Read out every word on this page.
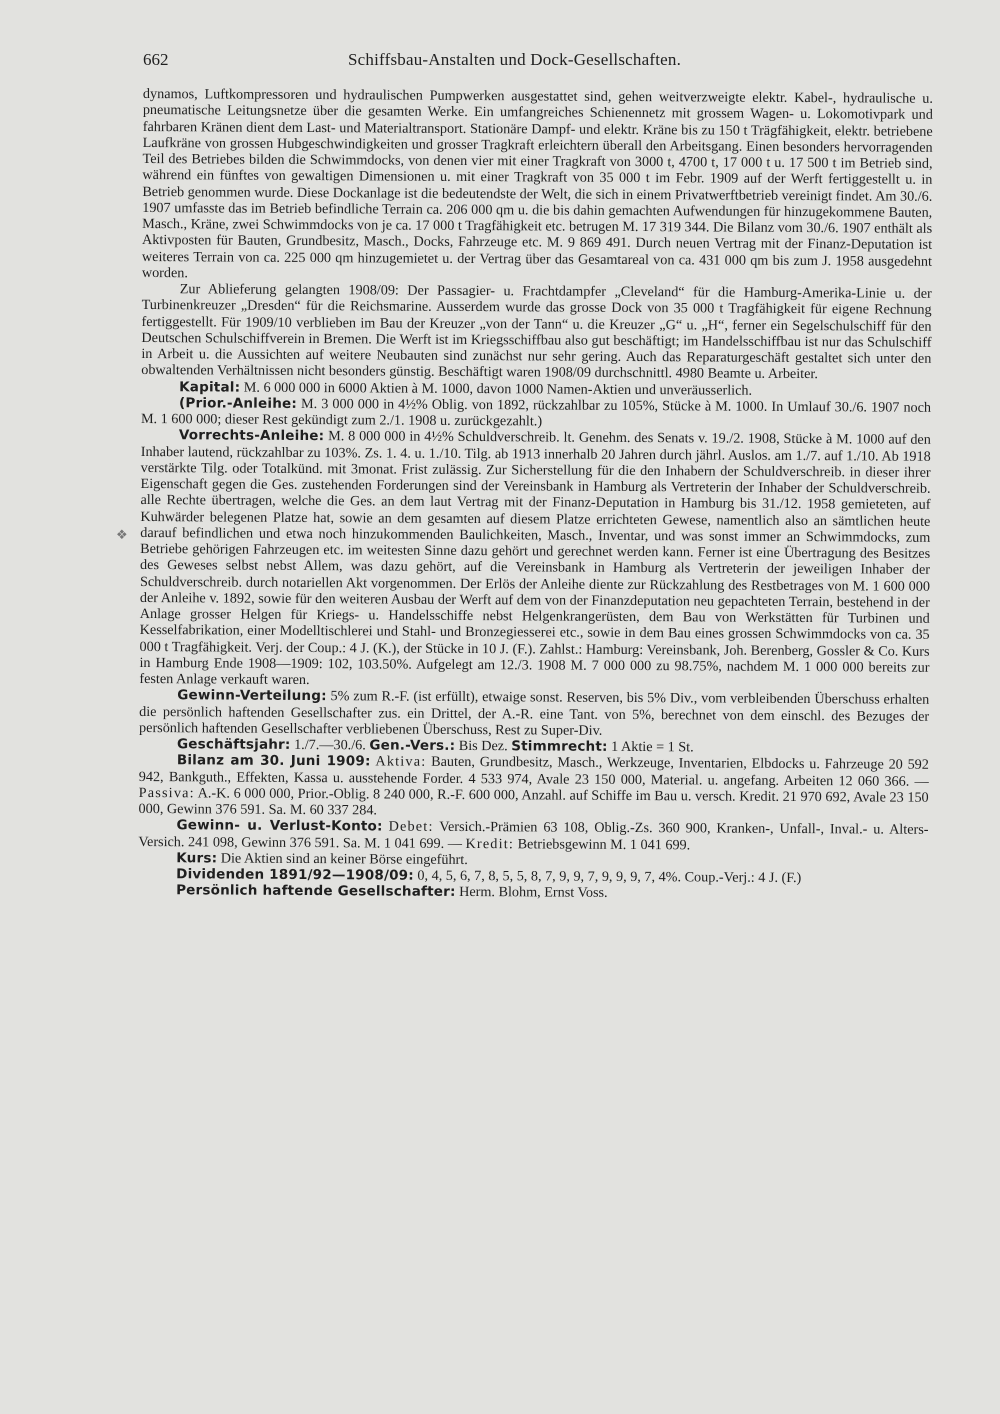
662	Schiffsbau-Anstalten und Dock-Gesellschaften.
❖

dynamos, Luftkompressoren und hydraulischen Pumpwerken ausgestattet sind, gehen weitverzweigte elektr. Kabel-, hydraulische u. pneumatische Leitungsnetze über die gesamten Werke. Ein umfangreiches Schienennetz mit grossem Wagen- u. Lokomotivpark und fahrbaren Kränen dient dem Last- und Materialtransport. Stationäre Dampf- und elektr. Kräne bis zu 150 t Trägfähigkeit, elektr. betriebene Laufkräne von grossen Hubgeschwindigkeiten und grosser Tragkraft erleichtern überall den Arbeitsgang. Einen besonders hervorragenden Teil des Betriebes bilden die Schwimmdocks, von denen vier mit einer Tragkraft von 3000 t, 4700 t, 17 000 t u. 17 500 t im Betrieb sind, während ein fünftes von gewaltigen Dimensionen u. mit einer Tragkraft von 35 000 t im Febr. 1909 auf der Werft fertiggestellt u. in Betrieb genommen wurde. Diese Dockanlage ist die bedeutendste der Welt, die sich in einem Privatwerftbetrieb vereinigt findet. Am 30./6. 1907 umfasste das im Betrieb befindliche Terrain ca. 206 000 qm u. die bis dahin gemachten Aufwendungen für hinzugekommene Bauten, Masch., Kräne, zwei Schwimmdocks von je ca. 17 000 t Tragfähigkeit etc. betrugen M. 17 319 344. Die Bilanz vom 30./6. 1907 enthält als Aktivposten für Bauten, Grundbesitz, Masch., Docks, Fahrzeuge etc. M. 9 869 491. Durch neuen Vertrag mit der Finanz-Deputation ist weiteres Terrain von ca. 225 000 qm hinzugemietet u. der Vertrag über das Gesamtareal von ca. 431 000 qm bis zum J. 1958 ausgedehnt worden.

Zur Ablieferung gelangten 1908/09: Der Passagier- u. Frachtdampfer „Cleveland“ für die Hamburg-Amerika-Linie u. der Turbinenkreuzer „Dresden“ für die Reichsmarine. Ausserdem wurde das grosse Dock von 35 000 t Tragfähigkeit für eigene Rechnung fertiggestellt. Für 1909/10 verblieben im Bau der Kreuzer „von der Tann“ u. die Kreuzer „G“ u. „H“, ferner ein Segelschulschiff für den Deutschen Schulschiffverein in Bremen. Die Werft ist im Kriegsschiffbau also gut beschäftigt; im Handelsschiffbau ist nur das Schulschiff in Arbeit u. die Aussichten auf weitere Neubauten sind zunächst nur sehr gering. Auch das Reparaturgeschäft gestaltet sich unter den obwaltenden Verhältnissen nicht besonders günstig. Beschäftigt waren 1908/09 durchschnittl. 4980 Beamte u. Arbeiter.

Kapital: M. 6 000 000 in 6000 Aktien à M. 1000, davon 1000 Namen-Aktien und unveräusserlich.

(Prior.-Anleihe: M. 3 000 000 in 4½% Oblig. von 1892, rückzahlbar zu 105%, Stücke à M. 1000. In Umlauf 30./6. 1907 noch M. 1 600 000; dieser Rest gekündigt zum 2./1. 1908 u. zurückgezahlt.)

Vorrechts-Anleihe: M. 8 000 000 in 4½% Schuldverschreib. lt. Genehm. des Senats v. 19./2. 1908, Stücke à M. 1000 auf den Inhaber lautend, rückzahlbar zu 103%. Zs. 1. 4. u. 1./10. Tilg. ab 1913 innerhalb 20 Jahren durch jährl. Auslos. am 1./7. auf 1./10. Ab 1918 verstärkte Tilg. oder Totalkünd. mit 3monat. Frist zulässig. Zur Sicherstellung für die den Inhabern der Schuldverschreib. in dieser ihrer Eigenschaft gegen die Ges. zustehenden Forderungen sind der Vereinsbank in Hamburg als Vertreterin der Inhaber der Schuldverschreib. alle Rechte übertragen, welche die Ges. an dem laut Vertrag mit der Finanz-Deputation in Hamburg bis 31./12. 1958 gemieteten, auf Kuhwärder belegenen Platze hat, sowie an dem gesamten auf diesem Platze errichteten Gewese, namentlich also an sämtlichen heute darauf befindlichen und etwa noch hinzukommenden Baulichkeiten, Masch., Inventar, und was sonst immer an Schwimmdocks, zum Betriebe gehörigen Fahrzeugen etc. im weitesten Sinne dazu gehört und gerechnet werden kann. Ferner ist eine Übertragung des Besitzes des Geweses selbst nebst Allem, was dazu gehört, auf die Vereinsbank in Hamburg als Vertreterin der jeweiligen Inhaber der Schuldverschreib. durch notariellen Akt vorgenommen. Der Erlös der Anleihe diente zur Rückzahlung des Restbetrages von M. 1 600 000 der Anleihe v. 1892, sowie für den weiteren Ausbau der Werft auf dem von der Finanzdeputation neu gepachteten Terrain, bestehend in der Anlage grosser Helgen für Kriegs- u. Handelsschiffe nebst Helgenkrangerüsten, dem Bau von Werkstätten für Turbinen und Kesselfabrikation, einer Modelltischlerei und Stahl- und Bronzegiesserei etc., sowie in dem Bau eines grossen Schwimmdocks von ca. 35 000 t Tragfähigkeit. Verj. der Coup.: 4 J. (K.), der Stücke in 10 J. (F.). Zahlst.: Hamburg: Vereinsbank, Joh. Berenberg, Gossler & Co. Kurs in Hamburg Ende 1908—1909: 102, 103.50%. Aufgelegt am 12./3. 1908 M. 7 000 000 zu 98.75%, nachdem M. 1 000 000 bereits zur festen Anlage verkauft waren.

Gewinn-Verteilung: 5% zum R.-F. (ist erfüllt), etwaige sonst. Reserven, bis 5% Div., vom verbleibenden Überschuss erhalten die persönlich haftenden Gesellschafter zus. ein Drittel, der A.-R. eine Tant. von 5%, berechnet von dem einschl. des Bezuges der persönlich haftenden Gesellschafter verbliebenen Überschuss, Rest zu Super-Div.

Geschäftsjahr: 1./7.—30./6. Gen.-Vers.: Bis Dez. Stimmrecht: 1 Aktie = 1 St.

Bilanz am 30. Juni 1909: Aktiva: Bauten, Grundbesitz, Masch., Werkzeuge, Inventarien, Elbdocks u. Fahrzeuge 20 592 942, Bankguth., Effekten, Kassa u. ausstehende Forder. 4 533 974, Avale 23 150 000, Material. u. angefang. Arbeiten 12 060 366. — Passiva: A.-K. 6 000 000, Prior.-Oblig. 8 240 000, R.-F. 600 000, Anzahl. auf Schiffe im Bau u. versch. Kredit. 21 970 692, Avale 23 150 000, Gewinn 376 591. Sa. M. 60 337 284.

Gewinn- u. Verlust-Konto: Debet: Versich.-Prämien 63 108, Oblig.-Zs. 360 900, Kranken-, Unfall-, Inval.- u. Alters-Versich. 241 098, Gewinn 376 591. Sa. M. 1 041 699. — Kredit: Betriebsgewinn M. 1 041 699.

Kurs: Die Aktien sind an keiner Börse eingeführt.

Dividenden 1891/92—1908/09: 0, 4, 5, 6, 7, 8, 5, 5, 8, 7, 9, 9, 7, 9, 9, 9, 7, 4%. Coup.-Verj.: 4 J. (F.)

Persönlich haftende Gesellschafter: Herm. Blohm, Ernst Voss.
